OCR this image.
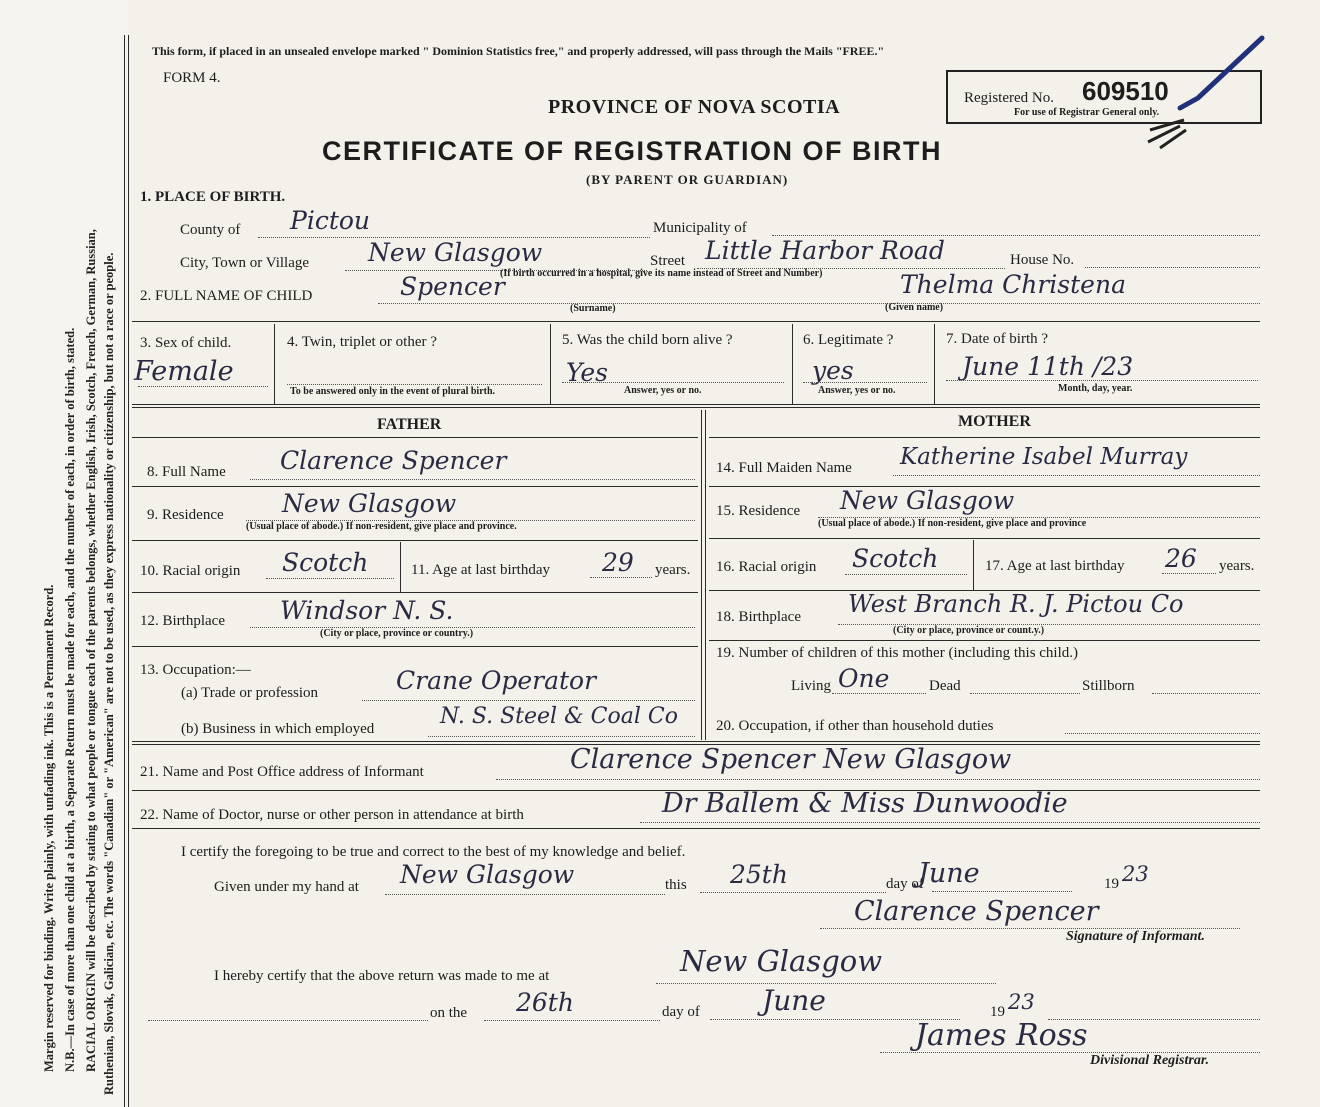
Margin reserved for binding. Write plainly, with unfading ink. This is a Permanent Record. N.B.—In case of more than one child at a birth, a Separate Return must be made for each, and the number of each, in order of birth, stated. RACIAL ORIGIN will be described by stating to what people or tongue each of the parents belongs, whether English, Irish, Scotch, French, German, Russian, Ruthenian, Slovak, Galician, etc. The words "Canadian" or "American" are not to be used, as they express nationality or citizenship, but not a race or people.
This form, if placed in an unsealed envelope marked " Dominion Statistics free," and properly addressed, will pass through the Mails "FREE."
FORM 4.
PROVINCE OF NOVA SCOTIA
CERTIFICATE OF REGISTRATION OF BIRTH
(BY PARENT OR GUARDIAN)
Registered No. 609510
For use of Registrar General only.
1. PLACE OF BIRTH.
County of Pictou	Municipality of
City, Town or Village New Glasgow	Street Little Harbor Road	House No.
(If birth occurred in a hospital, give its name instead of Street and Number)
2. FULL NAME OF CHILD	Spencer
(Surname)
Thelma Christena
(Given name)
3. Sex of child.
Female
4. Twin, triplet or other ?
To be answered only in the event of plural birth.
5. Was the child born alive ?
Yes
Answer, yes or no.
6. Legitimate ?
yes
Answer, yes or no.
7. Date of birth ?
June 11th /23
Month, day, year.
FATHER
8. Full Name Clarence Spencer
9. Residence New Glasgow
(Usual place of abode.) If non-resident, give place and province.
10. Racial origin Scotch	11. Age at last birthday 29 years.
12. Birthplace Windsor N. S.
(City or place, province or country.)
13. Occupation:—
(a) Trade or profession	Crane Operator
(b) Business in which employed	N. S. Steel & Coal Co
MOTHER
14. Full Maiden Name Katherine Isabel Murray
15. Residence New Glasgow
(Usual place of abode.) If non-resident, give place and province
16. Racial origin Scotch	17. Age at last birthday 26 years.
18. Birthplace West Branch R. J. Pictou Co
(City or place, province or count.y.)
19. Number of children of this mother (including this child.)
Living One	Dead	Stillborn
20. Occupation, if other than household duties
21. Name and Post Office address of Informant	Clarence Spencer New Glasgow
22. Name of Doctor, nurse or other person in attendance at birth	Dr Ballem & Miss Dunwoodie
I certify the foregoing to be true and correct to the best of my knowledge and belief.
Given under my hand at New Glasgow	this 25th	day of
June	19 23
Clarence Spencer
Signature of Informant.
I hereby certify that the above return was made to me at	New Glasgow
on the 26th	day of June	19 23
James Ross
Divisional Registrar.
